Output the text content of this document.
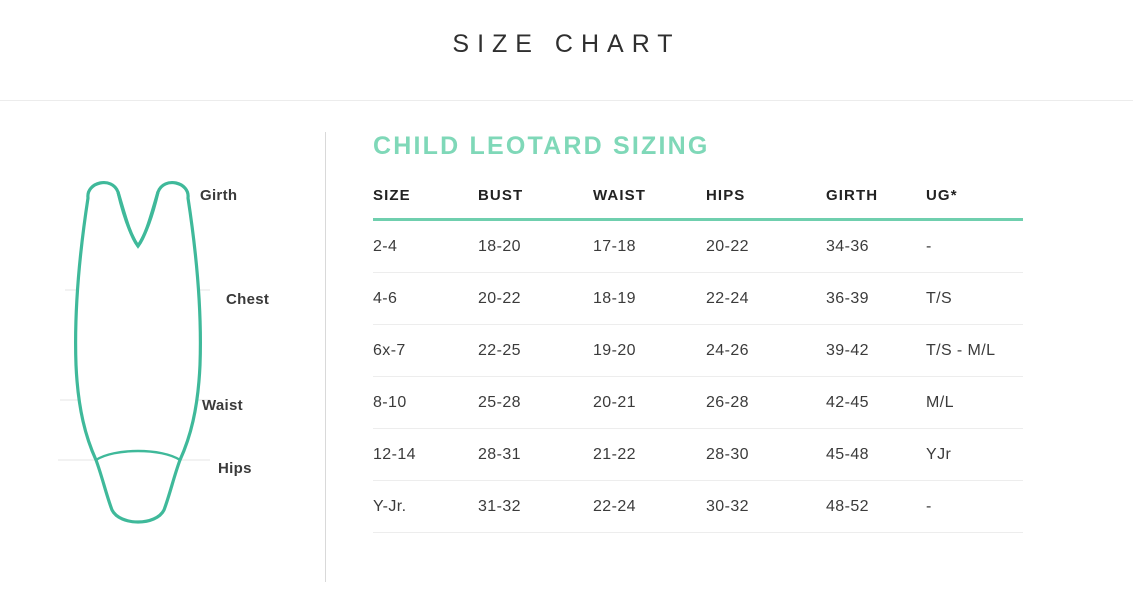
SIZE CHART
Girth
Chest
Waist
Hips
CHILD LEOTARD SIZING
SIZE	BUST	WAIST	HIPS	GIRTH	UG*
2-4	18-20	17-18	20-22	34-36	-
4-6	20-22	18-19	22-24	36-39	T/S
6x-7	22-25	19-20	24-26	39-42	T/S - M/L
8-10	25-28	20-21	26-28	42-45	M/L
12-14	28-31	21-22	28-30	45-48	YJr
Y-Jr.	31-32	22-24	30-32	48-52	-
